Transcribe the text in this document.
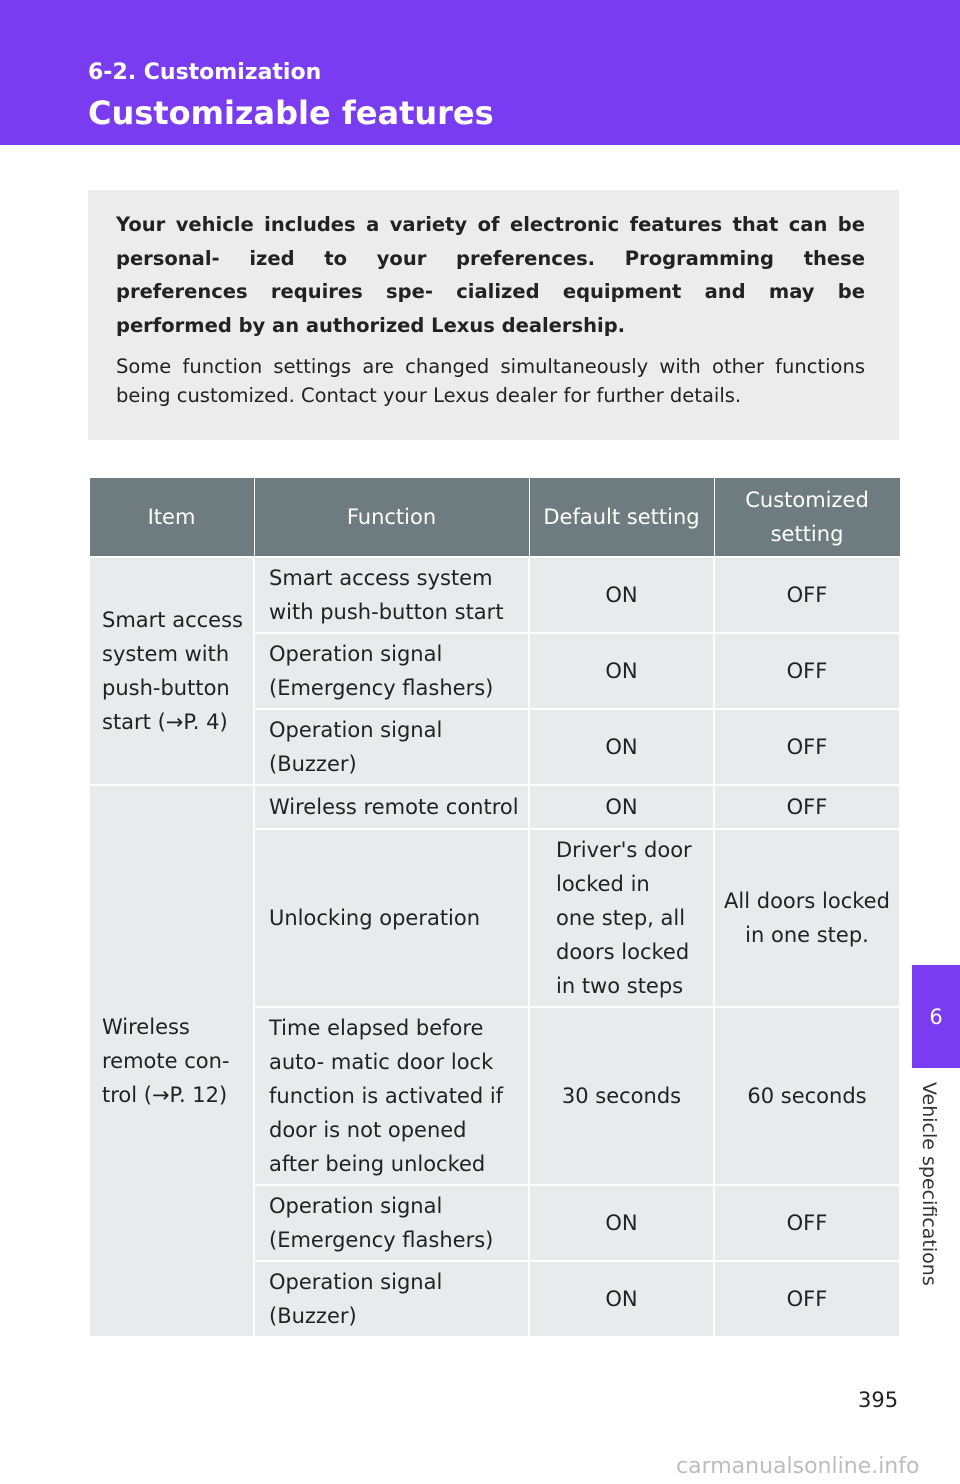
6-2. Customization
Customizable features

Your vehicle includes a variety of electronic features that can be personal- ized to your preferences. Programming these preferences requires spe- cialized equipment and may be performed by an authorized Lexus dealership.

Some function settings are changed simultaneously with other functions being customized. Contact your Lexus dealer for further details.

Item	Function	Default setting	Customized setting
Smart access system with push-button start (→P. 4)	Smart access system with push-button start	ON	OFF
	Operation signal (Emergency flashers)	ON	OFF
	Operation signal (Buzzer)	ON	OFF
Wireless remote con- trol (→P. 12)	Wireless remote control	ON	OFF
	Unlocking operation	Driver's door locked in one step, all doors locked in two steps	All doors locked in one step.
	Time elapsed before auto- matic door lock function is activated if door is not opened after being unlocked	30 seconds	60 seconds
	Operation signal (Emergency flashers)	ON	OFF
	Operation signal (Buzzer)	ON	OFF
6
Vehicle specifications
395
carmanualsonline.info
